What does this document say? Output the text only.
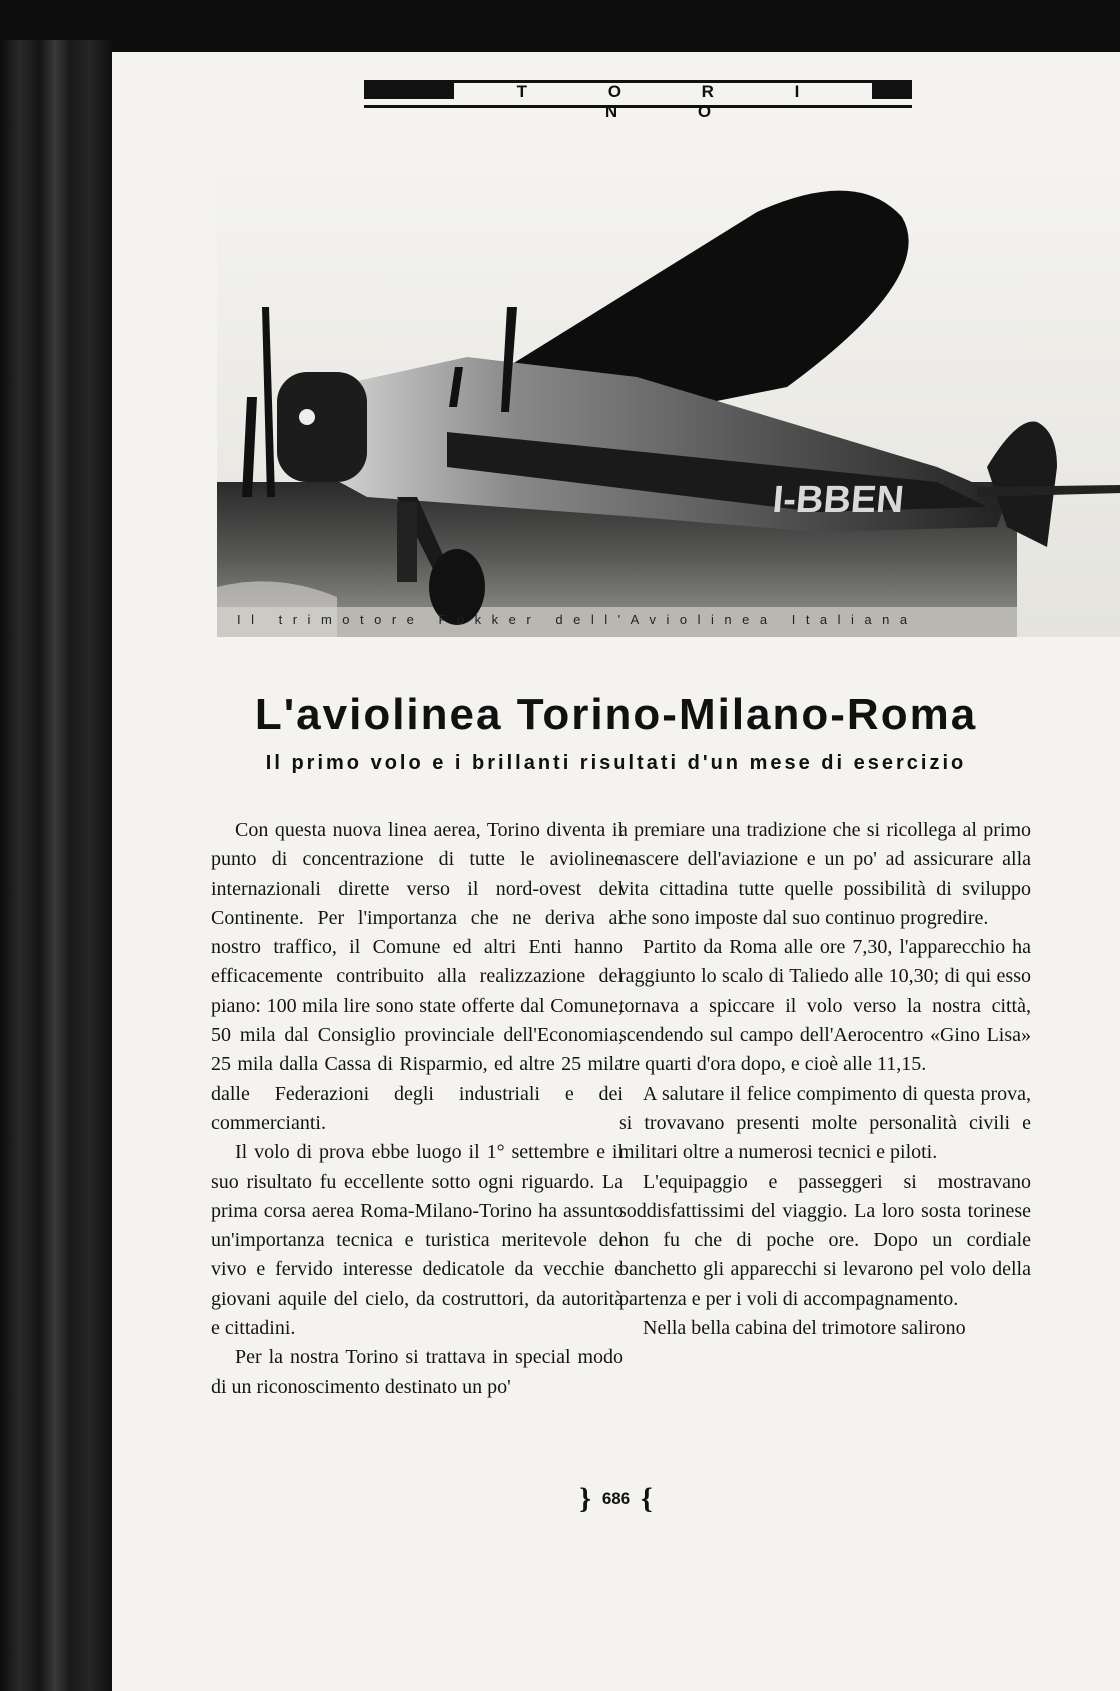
T O R I N O
I-BBEN
Il trimotore Fokker dell'Aviolinea Italiana
L'aviolinea Torino-Milano-Roma
Il primo volo e i brillanti risultati d'un mese di esercizio

Con questa nuova linea aerea, Torino diventa il punto di concentrazione di tutte le aviolinee internazionali dirette verso il nord-ovest del Continente. Per l'importanza che ne deriva al nostro traffico, il Comune ed altri Enti hanno efficacemente contribuito alla realizzazione del piano: 100 mila lire sono state offerte dal Comune, 50 mila dal Consiglio provinciale dell'Economia, 25 mila dalla Cassa di Risparmio, ed altre 25 mila dalle Federazioni degli industriali e dei commercianti.

Il volo di prova ebbe luogo il 1° settembre e il suo risultato fu eccellente sotto ogni riguardo. La prima corsa aerea Roma-Milano-Torino ha assunto un'importanza tecnica e turistica meritevole del vivo e fervido interesse dedicatole da vecchie e giovani aquile del cielo, da costruttori, da autorità e cittadini.

Per la nostra Torino si trattava in special modo di un riconoscimento destinato un po'

a premiare una tradizione che si ricollega al primo nascere dell'aviazione e un po' ad assicurare alla vita cittadina tutte quelle possibilità di sviluppo che sono imposte dal suo continuo progredire.

Partito da Roma alle ore 7,30, l'apparecchio ha raggiunto lo scalo di Taliedo alle 10,30; di qui esso tornava a spiccare il volo verso la nostra città, scendendo sul campo dell'Aerocentro «Gino Lisa» tre quarti d'ora dopo, e cioè alle 11,15.

A salutare il felice compimento di questa prova, si trovavano presenti molte personalità civili e militari oltre a numerosi tecnici e piloti.

L'equipaggio e passeggeri si mostravano soddisfattissimi del viaggio. La loro sosta torinese non fu che di poche ore. Dopo un cordiale banchetto gli apparecchi si levarono pel volo della partenza e per i voli di accompagnamento.

Nella bella cabina del trimotore salirono

} 686 {
